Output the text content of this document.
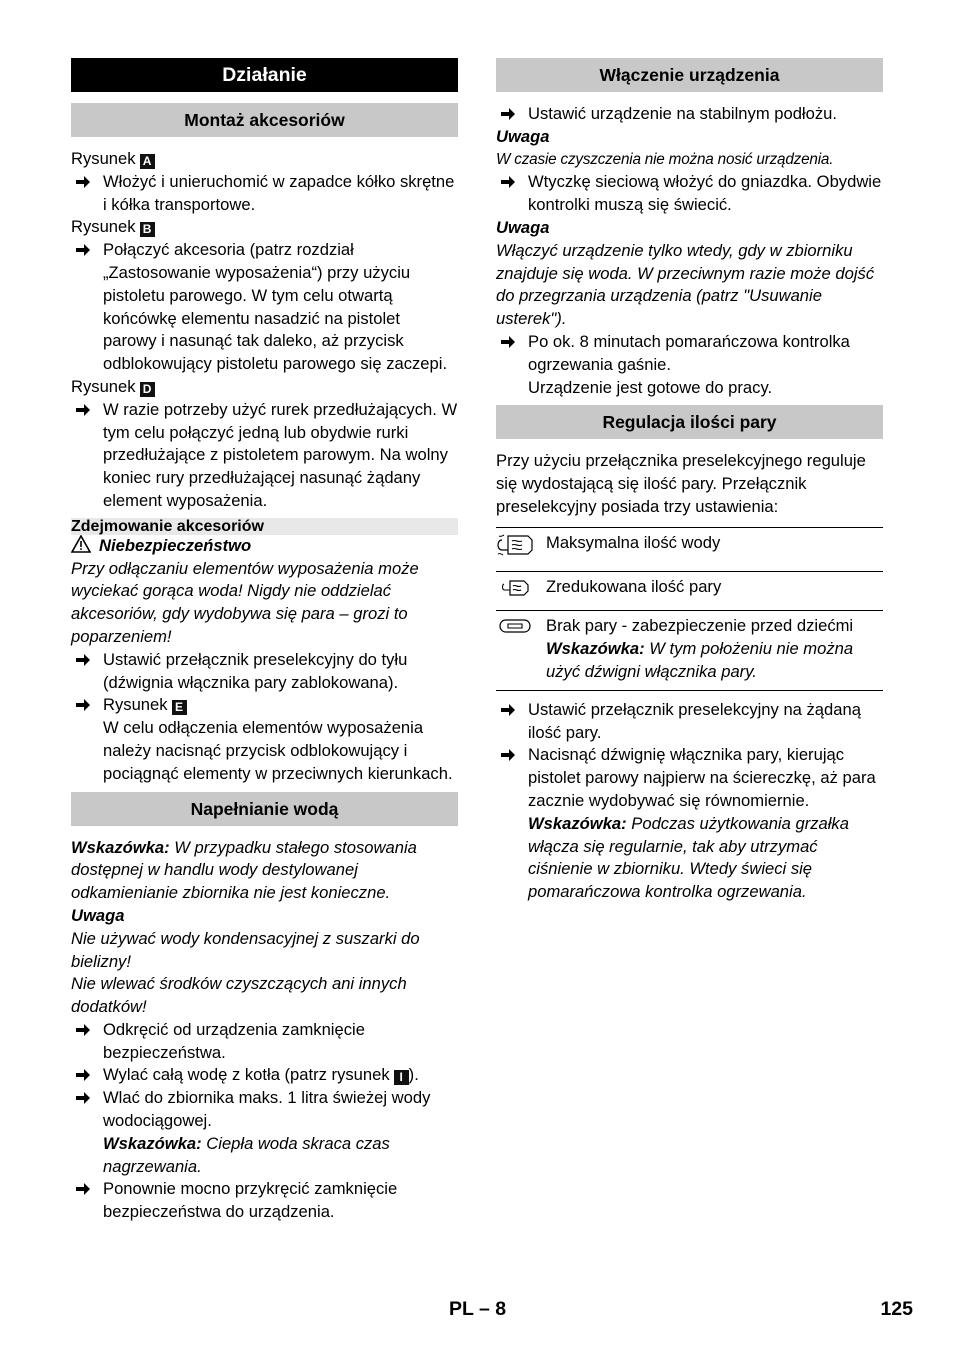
Działanie
Montaż akcesoriów
Rysunek A
Włożyć i unieruchomić w zapadce kółko skrętne i kółka transportowe.
Rysunek B
Połączyć akcesoria (patrz rozdział „Zastosowanie wyposażenia“) przy użyciu pistoletu parowego. W tym celu otwartą końcówkę elementu nasadzić na pistolet parowy i nasunąć tak daleko, aż przycisk odblokowujący pistoletu parowego się zaczepi.
Rysunek D
W razie potrzeby użyć rurek przedłużających. W tym celu połączyć jedną lub obydwie rurki przedłużające z pistoletem parowym. Na wolny koniec rury przedłużającej nasunąć żądany element wyposażenia.
Zdejmowanie akcesoriów
Niebezpieczeństwo
Przy odłączaniu elementów wyposażenia może wyciekać gorąca woda! Nigdy nie oddzielać akcesoriów, gdy wydobywa się para – grozi to poparzeniem!
Ustawić przełącznik preselekcyjny do tyłu (dźwignia włącznika pary zablokowana).
Rysunek E
W celu odłączenia elementów wyposażenia należy nacisnąć przycisk odblokowujący i pociągnąć elementy w przeciwnych kierunkach.
Napełnianie wodą
Wskazówka: W przypadku stałego stosowania dostępnej w handlu wody destylowanej odkamienianie zbiornika nie jest konieczne.
Uwaga
Nie używać wody kondensacyjnej z suszarki do bielizny!
Nie wlewać środków czyszczących ani innych dodatków!
Odkręcić od urządzenia zamknięcie bezpieczeństwa.
Wylać całą wodę z kotła (patrz rysunek I ).
Wlać do zbiornika maks. 1 litra świeżej wody wodociągowej.
Wskazówka: Ciepła woda skraca czas nagrzewania.
Ponownie mocno przykręcić zamknięcie bezpieczeństwa do urządzenia.
Włączenie urządzenia
Ustawić urządzenie na stabilnym podłożu.
Uwaga
W czasie czyszczenia nie można nosić urządzenia.
Wtyczkę sieciową włożyć do gniazdka. Obydwie kontrolki muszą się świecić.
Uwaga
Włączyć urządzenie tylko wtedy, gdy w zbiorniku znajduje się woda. W przeciwnym razie może dojść do przegrzania urządzenia (patrz "Usuwanie usterek").
Po ok. 8 minutach pomarańczowa kontrolka ogrzewania gaśnie.
Urządzenie jest gotowe do pracy.
Regulacja ilości pary
Przy użyciu przełącznika preselekcyjnego reguluje się wydostającą się ilość pary. Przełącznik preselekcyjny posiada trzy ustawienia:
	Maksymalna ilość wody
	Zredukowana ilość pary
	Brak pary - zabezpieczenie przed dziećmi
Wskazówka: W tym położeniu nie można użyć dźwigni włącznika pary.
Ustawić przełącznik preselekcyjny na żądaną ilość pary.
Nacisnąć dźwignię włącznika pary, kierując pistolet parowy najpierw na ściereczkę, aż para zacznie wydobywać się równomiernie.
Wskazówka: Podczas użytkowania grzałka włącza się regularnie, tak aby utrzymać ciśnienie w zbiorniku. Wtedy świeci się pomarańczowa kontrolka ogrzewania.
PL – 8	125
